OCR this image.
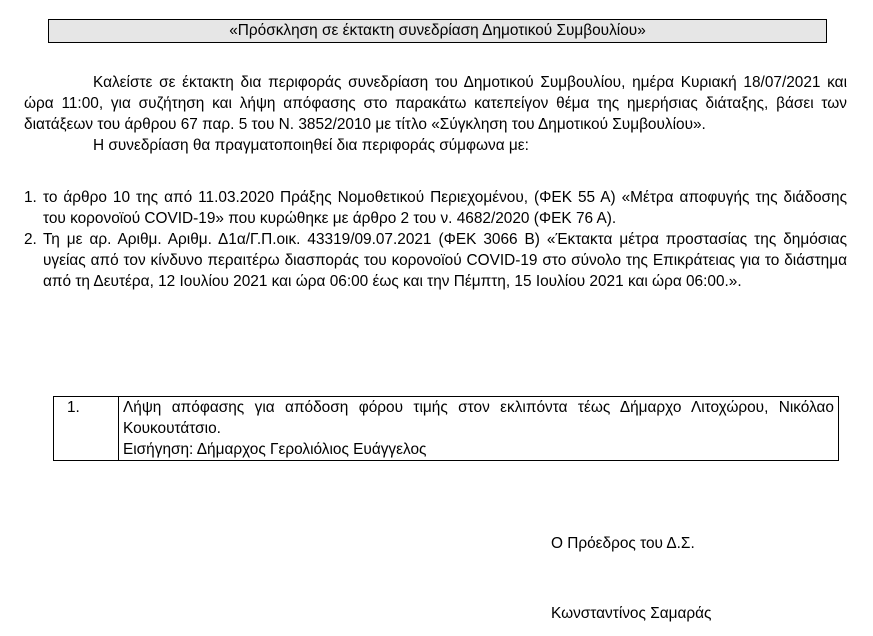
«Πρόσκληση σε έκτακτη συνεδρίαση Δημοτικού Συμβουλίου»

Καλείστε σε έκτακτη δια περιφοράς συνεδρίαση του Δημοτικού Συμβουλίου, ημέρα Κυριακή 18/07/2021 και ώρα 11:00, για συζήτηση και λήψη απόφασης στο παρακάτω κατεπείγον θέμα της ημερήσιας διάταξης, βάσει των διατάξεων του άρθρου 67 παρ. 5 του Ν. 3852/2010 με τίτλο «Σύγκληση του Δημοτικού Συμβουλίου».

Η συνεδρίαση θα πραγματοποιηθεί δια περιφοράς σύμφωνα με:

1. το άρθρο 10 της από 11.03.2020 Πράξης Νομοθετικού Περιεχομένου, (ΦΕΚ 55 Α) «Μέτρα αποφυγής της διάδοσης του κορονοϊού COVID-19» που κυρώθηκε με άρθρο 2 του ν. 4682/2020 (ΦΕΚ 76 Α).
2. Τη με αρ. Αριθμ. Αριθμ. Δ1α/Γ.Π.οικ. 43319/09.07.2021 (ΦΕΚ 3066 Β) «Έκτακτα μέτρα προστασίας της δημόσιας υγείας από τον κίνδυνο περαιτέρω διασποράς του κορονοϊού COVID-19 στο σύνολο της Επικράτειας για το διάστημα από τη Δευτέρα, 12 Ιουλίου 2021 και ώρα 06:00 έως και την Πέμπτη, 15 Ιουλίου 2021 και ώρα 06:00.».
1.	Λήψη απόφασης για απόδοση φόρου τιμής στον εκλιπόντα τέως Δήμαρχο Λιτοχώρου, Νικόλαο Κουκουτάτσιο.
Εισήγηση: Δήμαρχος Γερολιόλιος Ευάγγελος
Ο Πρόεδρος του Δ.Σ.
Κωνσταντίνος Σαμαράς
